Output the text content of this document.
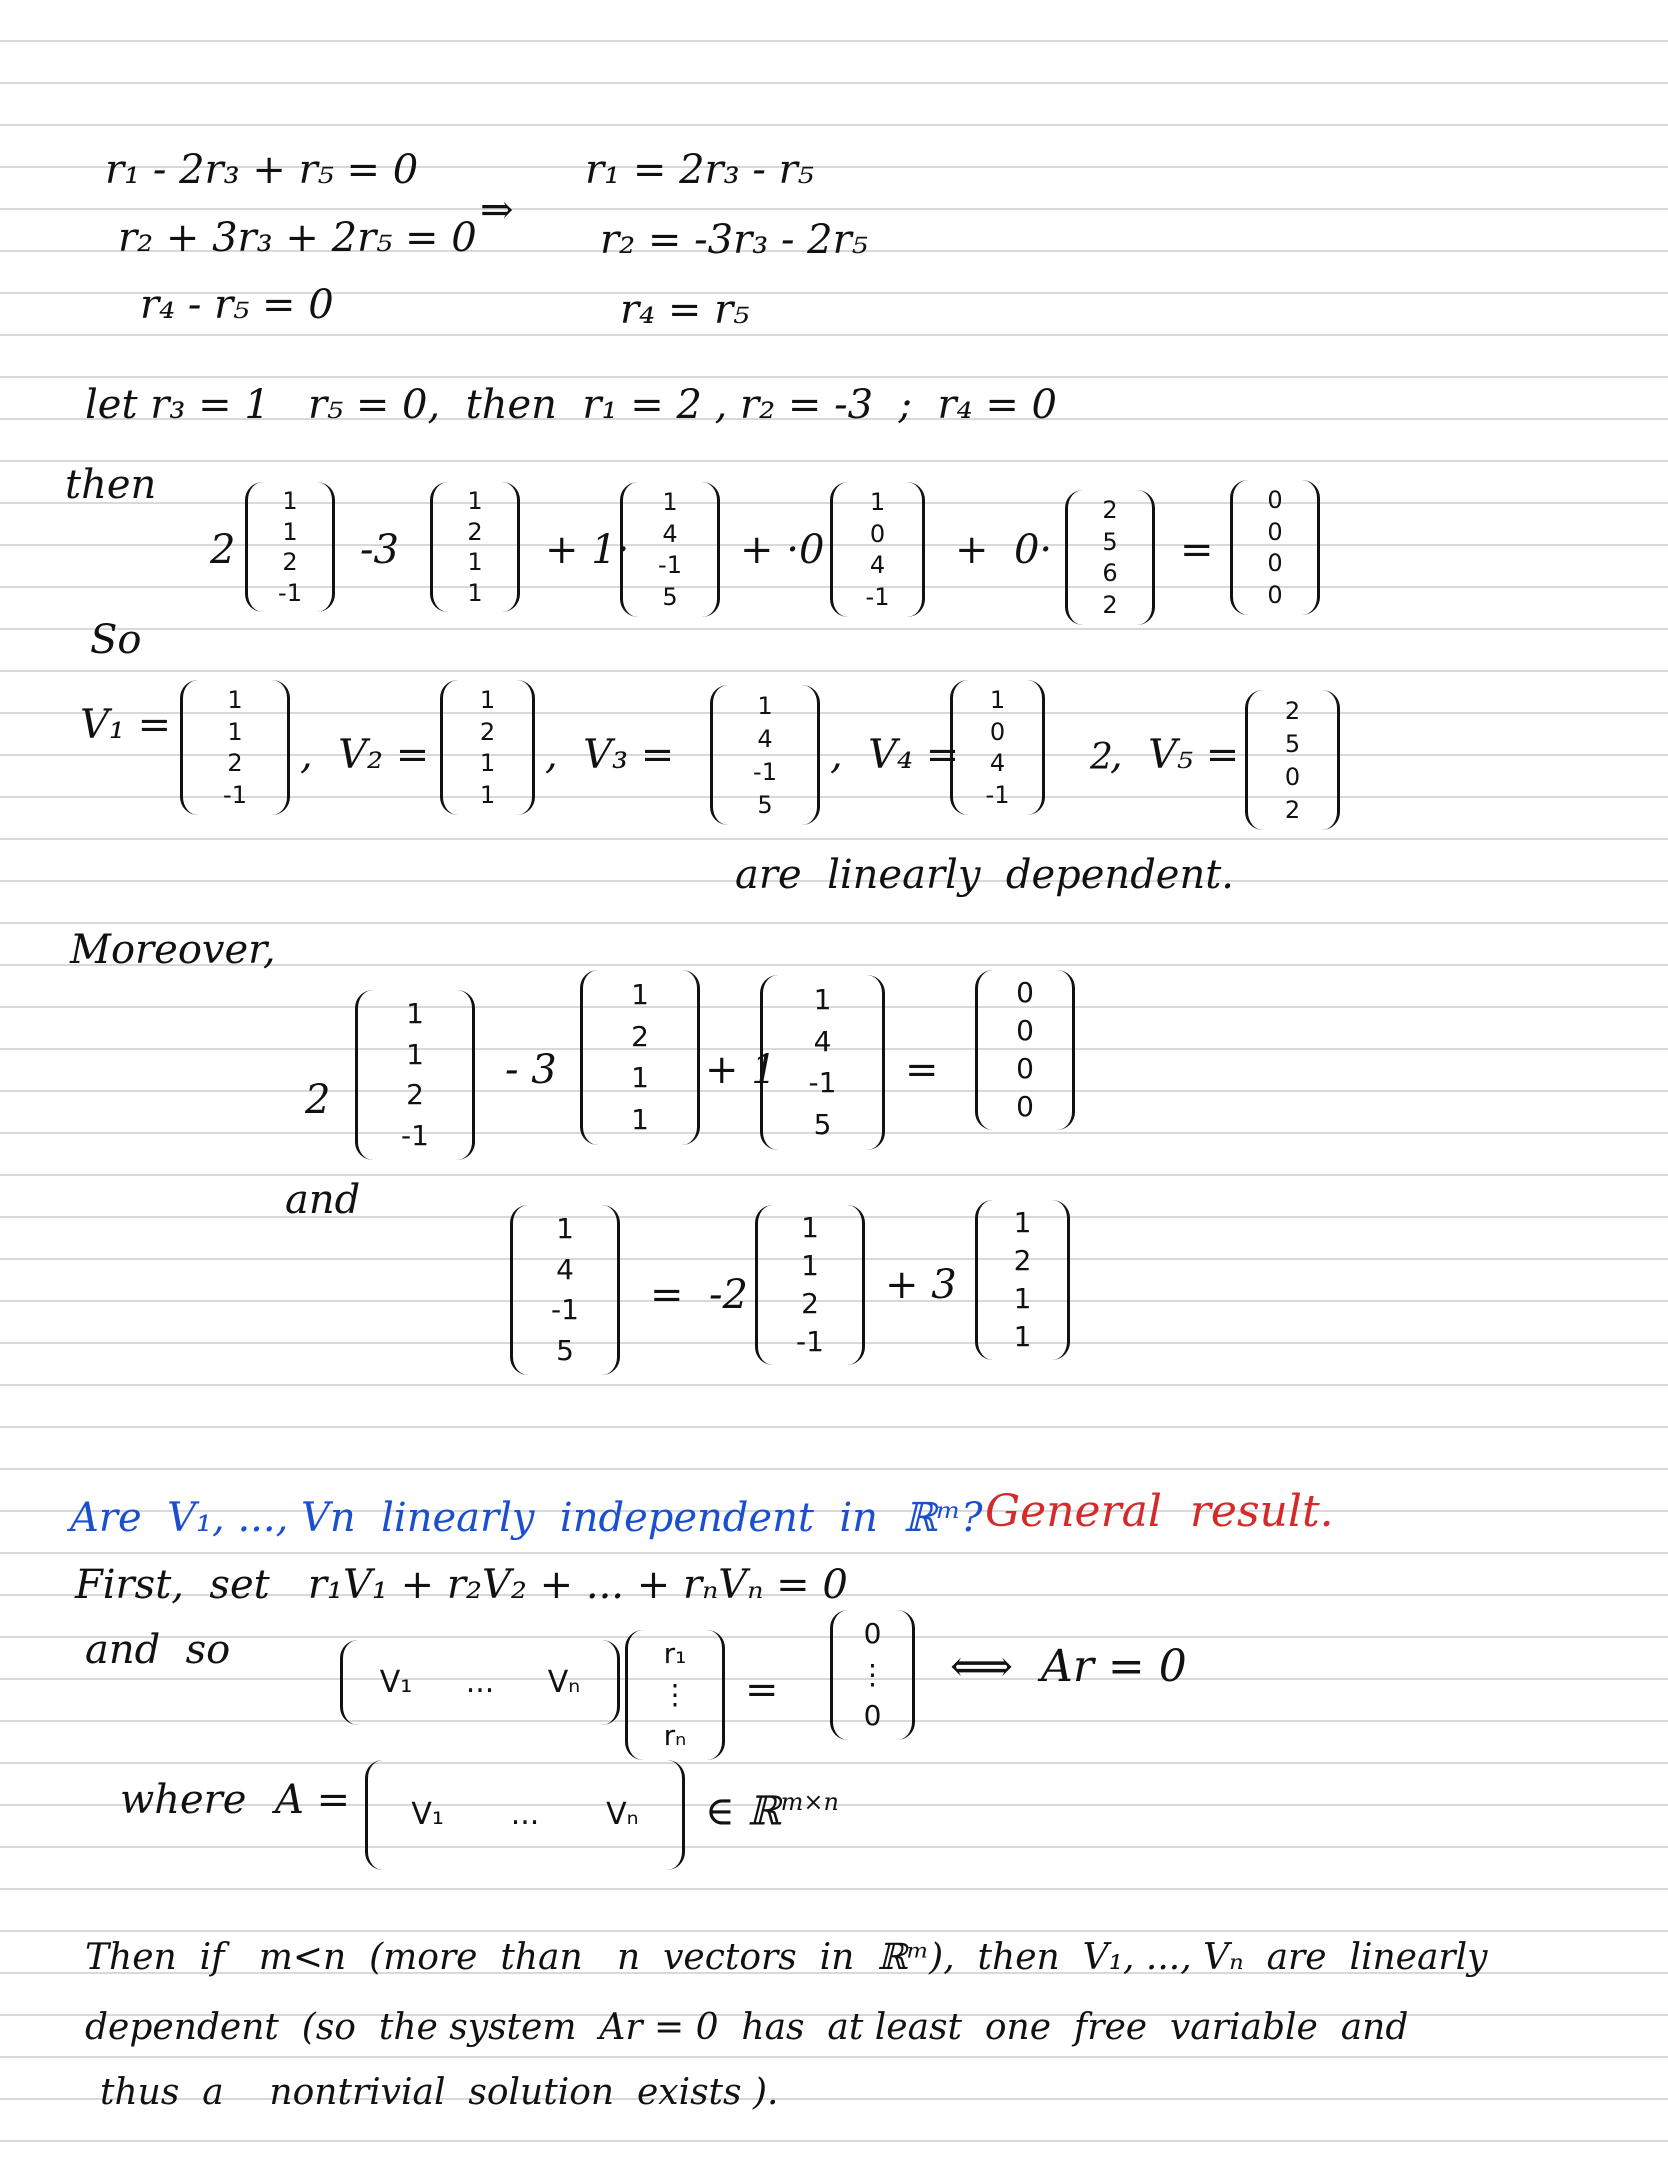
r₁ - 2r₃ + r₅ = 0
r₂ + 3r₃ + 2r₅ = 0
r₄ - r₅ = 0
⇒
r₁ = 2r₃ - r₅
r₂ = -3r₃ - 2r₅
r₄ = r₅
let r₃ = 1   r₅ = 0,  then  r₁ = 2 , r₂ = -3  ;  r₄ = 0
then
2
1
1
2
-1
-3
1
2
1
1
+ 1·
1
4
-1
5
+ ·0
1
0
4
-1
+  0·
2
5
6
2
=
0
0
0
0
So
V₁ =
1
1
2
-1
,  V₂ =
1
2
1
1
,  V₃ =
1
4
-1
5
,  V₄ =
1
0
4
-1
2
,  V₅ =
2
5
0
2
are  linearly  dependent.
Moreover,
2
1
1
2
-1
- 3
1
2
1
1
+ 1
1
4
-1
5
=
0
0
0
0
and
1
4
-1
5
=  -2
1
1
2
-1
+ 3
1
2
1
1
Are  V₁, ..., Vn  linearly  independent  in  ℝᵐ? General  result.
First,  set   r₁V₁ + r₂V₂ + ... + rₙVₙ = 0
and  so
V₁ ... Vₙ
r₁
⋮
rₙ
=
0
⋮
0
⟺  Ar = 0
where A = V₁ ... Vₙ ∈ ℝ$^{m\times n}$
Then  if   m<n  (more  than   n  vectors  in  ℝᵐ),  then  V₁, ..., Vₙ  are  linearly
dependent  (so  the system  Ar = 0  has  at least  one  free  variable  and
thus  a    nontrivial  solution  exists ).
